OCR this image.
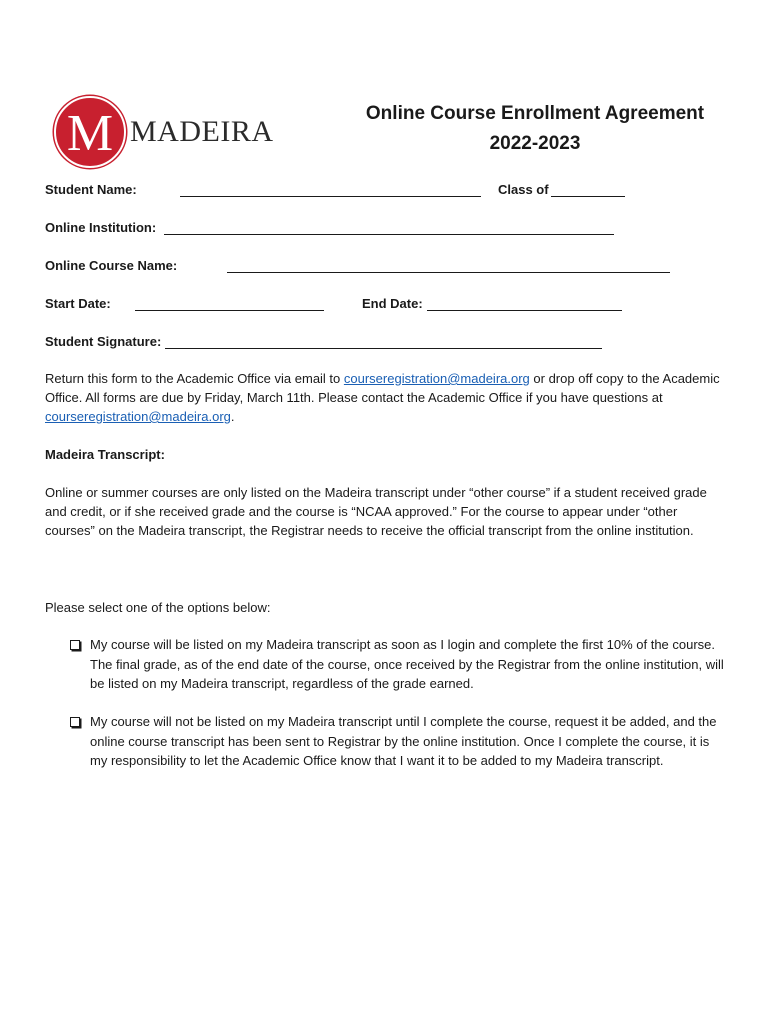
M MADEIRA
Online Course Enrollment Agreement
2022-2023
Student Name:	Class of
Online Institution:
Online Course Name:
Start Date:	End Date:
Student Signature:
Return this form to the Academic Office via email to courseregistration@madeira.org or drop off copy to the Academic Office. All forms are due by Friday, March 11th. Please contact the Academic Office if you have questions at courseregistration@madeira.org.
Madeira Transcript:
Online or summer courses are only listed on the Madeira transcript under “other course” if a student received grade and credit, or if she received grade and the course is “NCAA approved.” For the course to appear under “other courses” on the Madeira transcript, the Registrar needs to receive the official transcript from the online institution.
Please select one of the options below:
My course will be listed on my Madeira transcript as soon as I login and complete the first 10% of the course. The final grade, as of the end date of the course, once received by the Registrar from the online institution, will be listed on my Madeira transcript, regardless of the grade earned.
My course will not be listed on my Madeira transcript until I complete the course, request it be added, and the online course transcript has been sent to Registrar by the online institution. Once I complete the course, it is my responsibility to let the Academic Office know that I want it to be added to my Madeira transcript.
